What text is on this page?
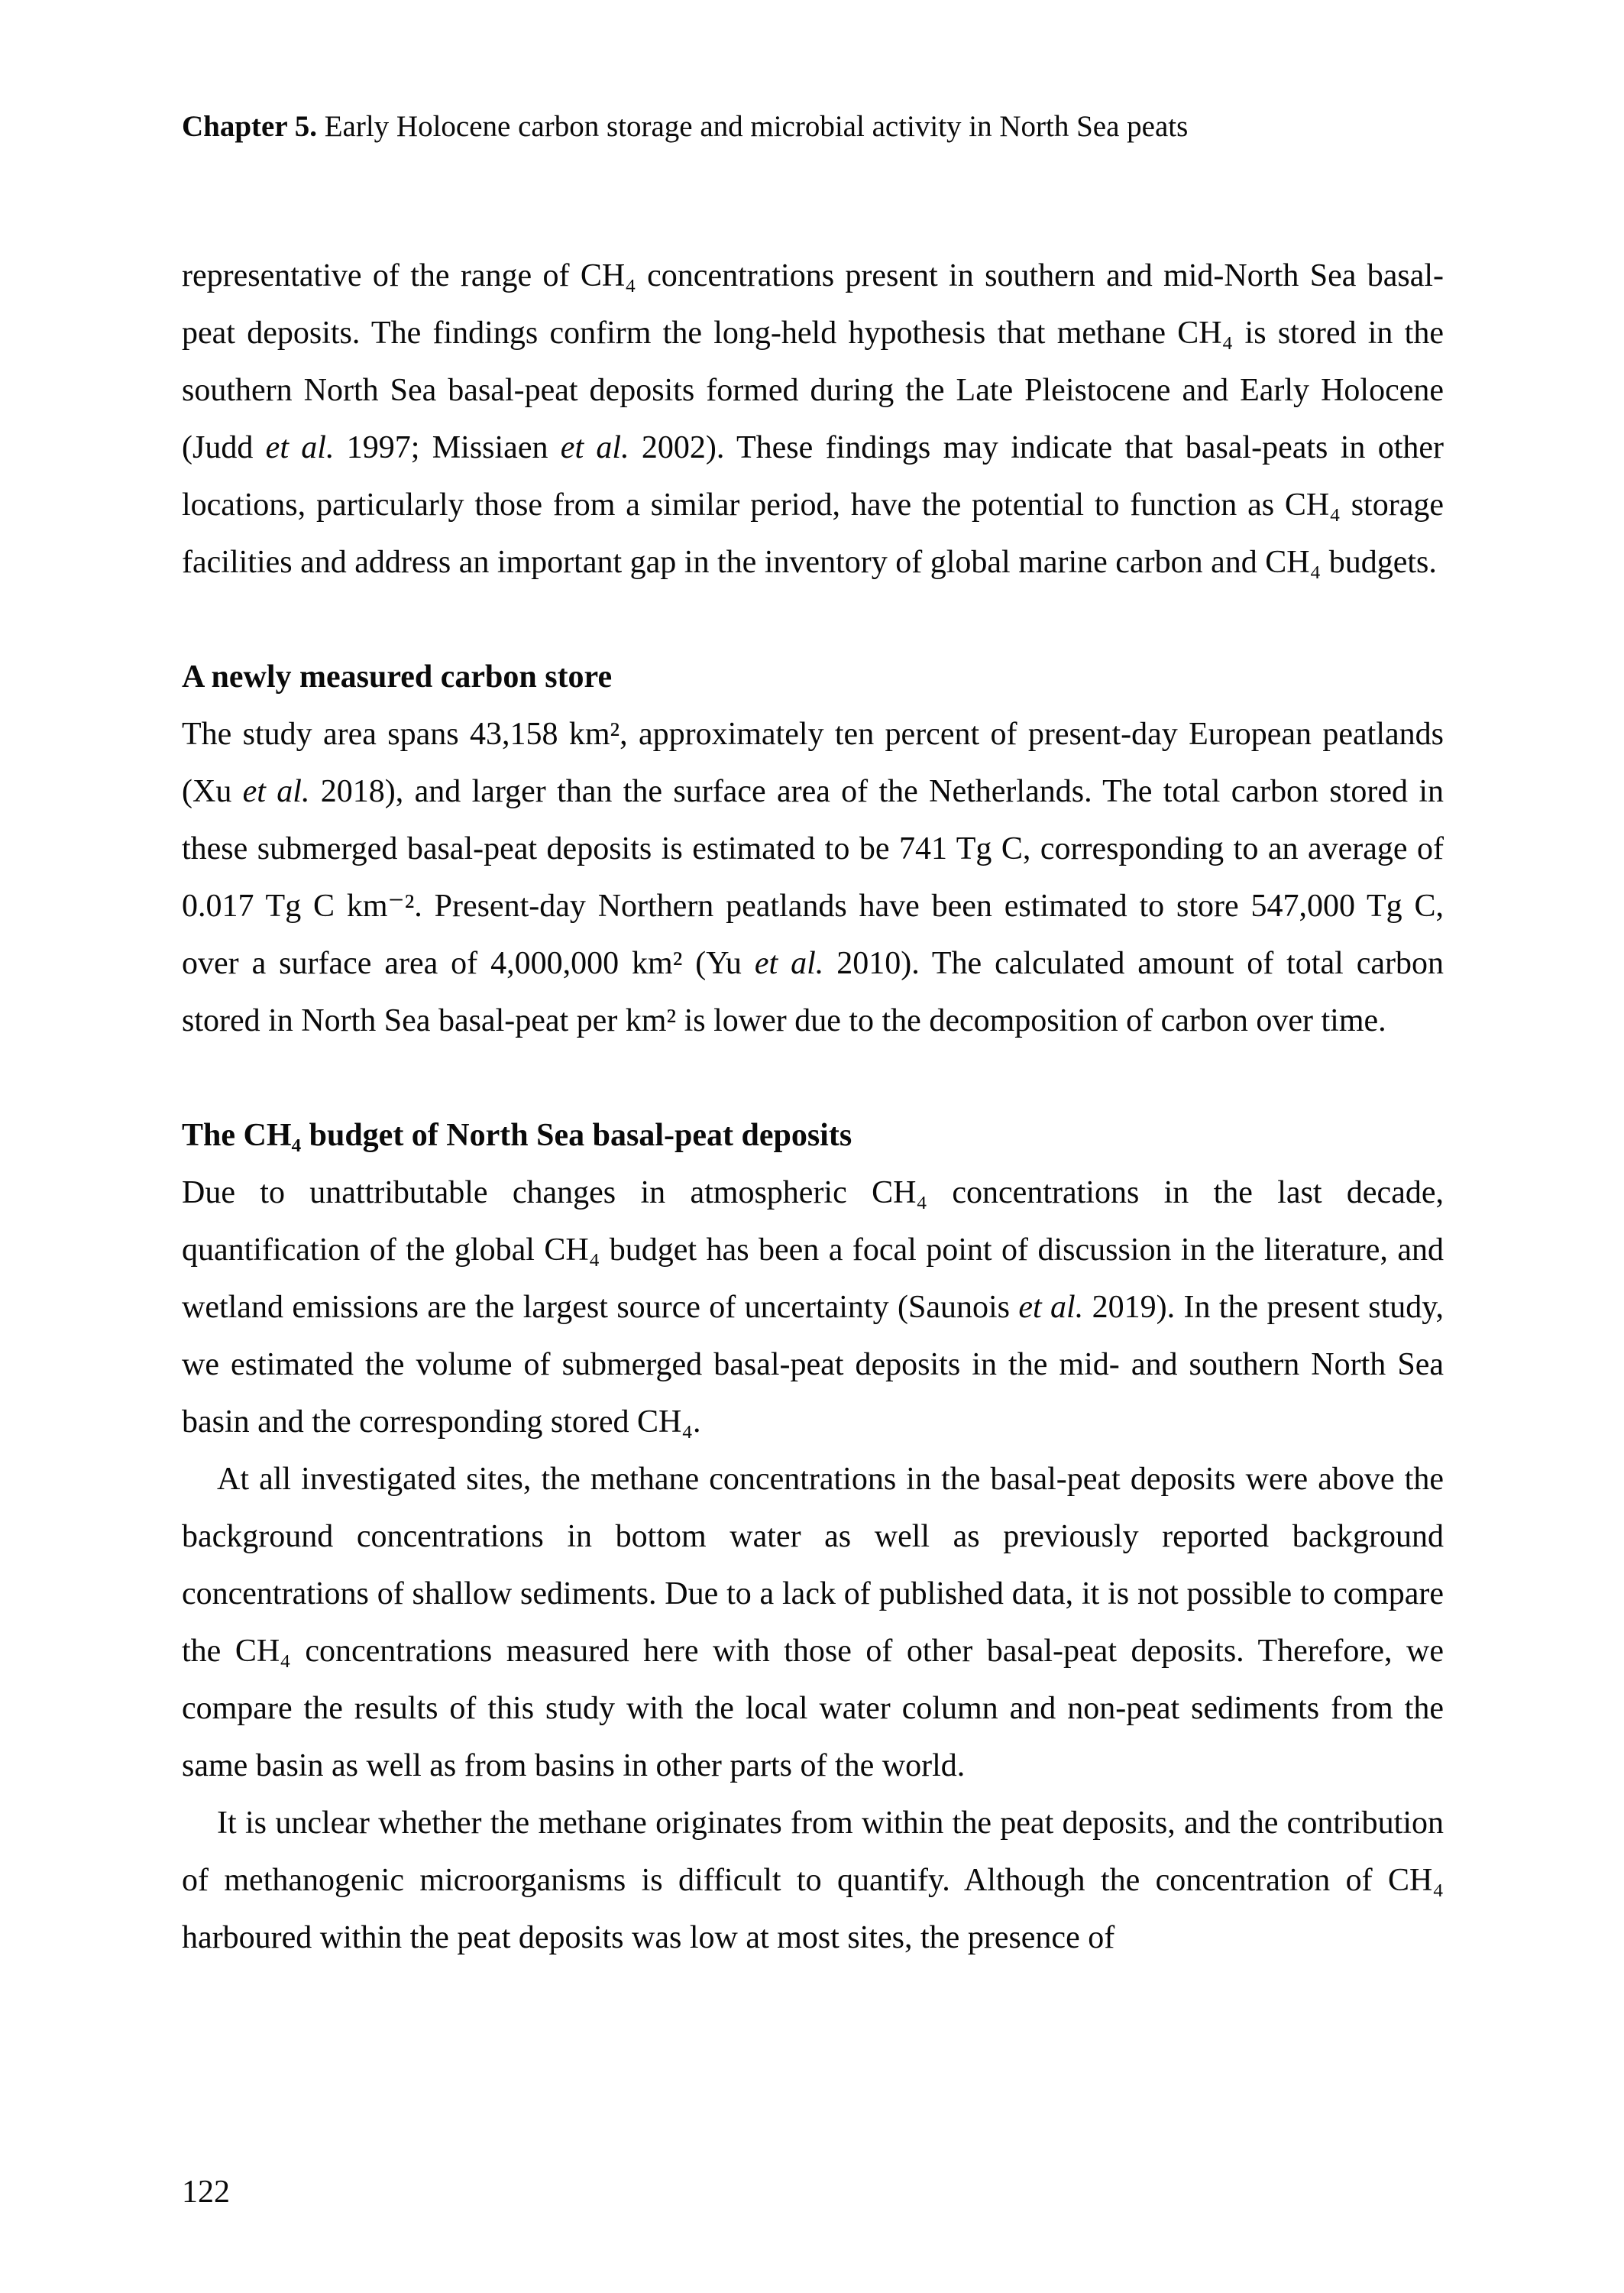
Chapter 5. Early Holocene carbon storage and microbial activity in North Sea peats

representative of the range of CH₄ concentrations present in southern and mid-North Sea basal-peat deposits. The findings confirm the long-held hypothesis that methane CH₄ is stored in the southern North Sea basal-peat deposits formed during the Late Pleistocene and Early Holocene (Judd et al. 1997; Missiaen et al. 2002). These findings may indicate that basal-peats in other locations, particularly those from a similar period, have the potential to function as CH₄ storage facilities and address an important gap in the inventory of global marine carbon and CH₄ budgets.

A newly measured carbon store

The study area spans 43,158 km², approximately ten percent of present-day European peatlands (Xu et al. 2018), and larger than the surface area of the Netherlands. The total carbon stored in these submerged basal-peat deposits is estimated to be 741 Tg C, corresponding to an average of 0.017 Tg C km⁻². Present-day Northern peatlands have been estimated to store 547,000 Tg C, over a surface area of 4,000,000 km² (Yu et al. 2010). The calculated amount of total carbon stored in North Sea basal-peat per km² is lower due to the decomposition of carbon over time.

The CH₄ budget of North Sea basal-peat deposits

Due to unattributable changes in atmospheric CH₄ concentrations in the last decade, quantification of the global CH₄ budget has been a focal point of discussion in the literature, and wetland emissions are the largest source of uncertainty (Saunois et al. 2019). In the present study, we estimated the volume of submerged basal-peat deposits in the mid- and southern North Sea basin and the corresponding stored CH₄.

At all investigated sites, the methane concentrations in the basal-peat deposits were above the background concentrations in bottom water as well as previously reported background concentrations of shallow sediments. Due to a lack of published data, it is not possible to compare the CH₄ concentrations measured here with those of other basal-peat deposits. Therefore, we compare the results of this study with the local water column and non-peat sediments from the same basin as well as from basins in other parts of the world.

It is unclear whether the methane originates from within the peat deposits, and the contribution of methanogenic microorganisms is difficult to quantify. Although the concentration of CH₄ harboured within the peat deposits was low at most sites, the presence of

122
